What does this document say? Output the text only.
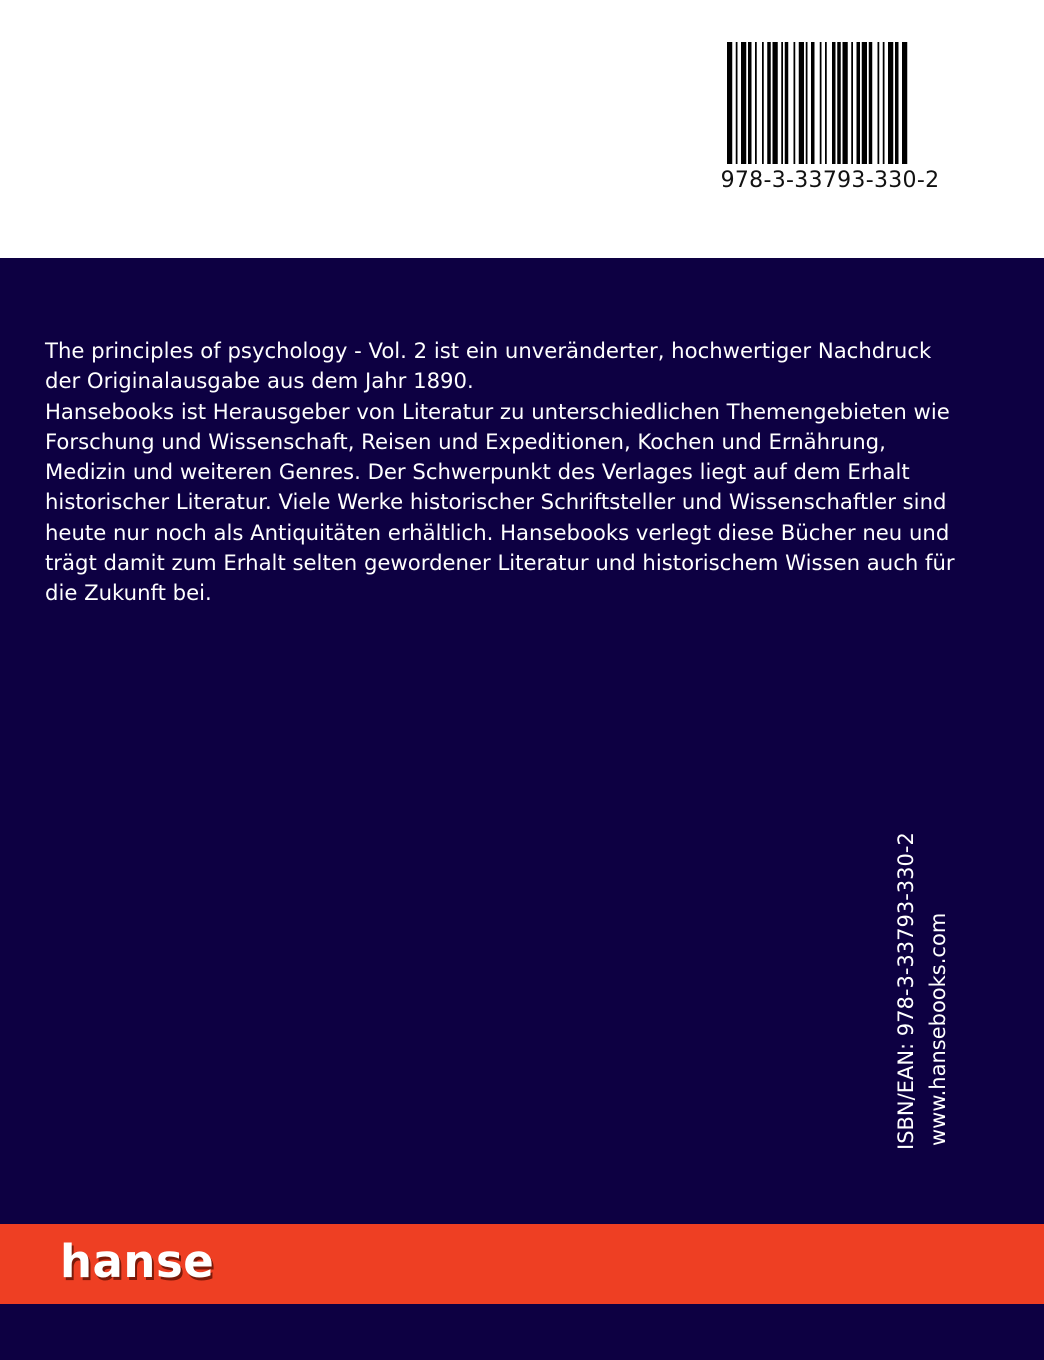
978-3-33793-330-2

The principles of psychology - Vol. 2 ist ein unveränderter, hochwertiger Nachdruck

der Originalausgabe aus dem Jahr 1890.

Hansebooks ist Herausgeber von Literatur zu unterschiedlichen Themengebieten wie

Forschung und Wissenschaft, Reisen und Expeditionen, Kochen und Ernährung,

Medizin und weiteren Genres. Der Schwerpunkt des Verlages liegt auf dem Erhalt

historischer Literatur. Viele Werke historischer Schriftsteller und Wissenschaftler sind

heute nur noch als Antiquitäten erhältlich. Hansebooks verlegt diese Bücher neu und

trägt damit zum Erhalt selten gewordener Literatur und historischem Wissen auch für

die Zukunft bei.

ISBN/EAN: 978-3-33793-330-2 www.hansebooks.com
hanse
